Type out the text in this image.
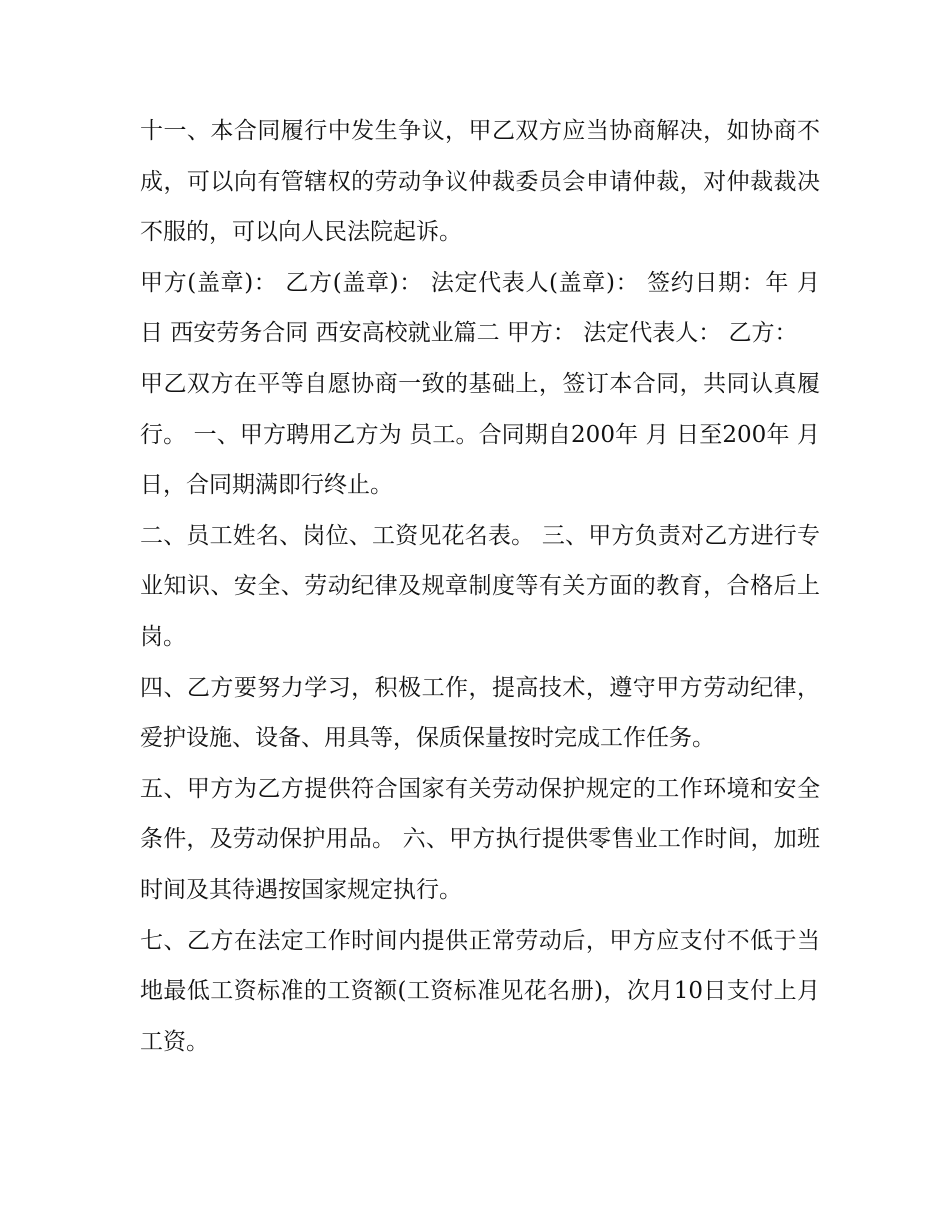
十一、本合同履行中发生争议，甲乙双方应当协商解决，如协商不成，可以向有管辖权的劳动争议仲裁委员会申请仲裁，对仲裁裁决不服的，可以向人民法院起诉。

甲方(盖章)： 乙方(盖章)： 法定代表人(盖章)： 签约日期：年 月 日 西安劳务合同 西安高校就业篇二 甲方： 法定代表人： 乙方：

甲乙双方在平等自愿协商一致的基础上，签订本合同，共同认真履行。 一、甲方聘用乙方为 员工。合同期自200年 月 日至200年 月 日，合同期满即行终止。

二、员工姓名、岗位、工资见花名表。 三、甲方负责对乙方进行专业知识、安全、劳动纪律及规章制度等有关方面的教育，合格后上岗。

四、乙方要努力学习，积极工作，提高技术，遵守甲方劳动纪律，爱护设施、设备、用具等，保质保量按时完成工作任务。

五、甲方为乙方提供符合国家有关劳动保护规定的工作环境和安全条件，及劳动保护用品。 六、甲方执行提供零售业工作时间，加班时间及其待遇按国家规定执行。

七、乙方在法定工作时间内提供正常劳动后，甲方应支付不低于当地最低工资标准的工资额(工资标准见花名册)，次月10日支付上月工资。
